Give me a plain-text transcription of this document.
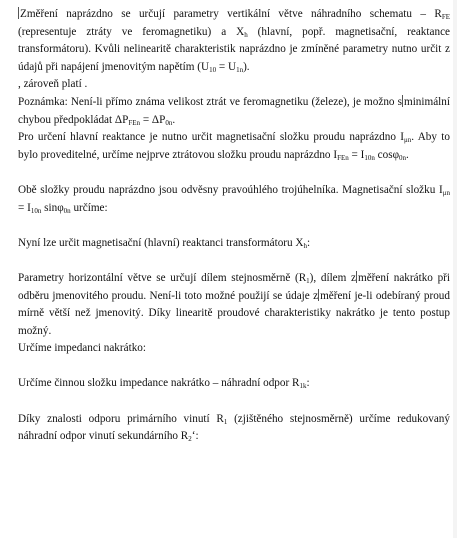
Změření naprázdno se určují parametry vertikální větve náhradního schematu – $R_{FE}$ (representuje ztráty ve feromagnetiku) a $X_h$ (hlavní, popř. magnetisační, reaktance transformátoru). Kvůli nelinearitě charakteristik naprázdno je zmíněné parametry nutno určit z údajů při napájení jmenovitým napětím $(U_{10} = U_{1n})$.

, zároveň platí .

Poznámka: Není-li přímo známa velikost ztrát ve feromagnetiku (železe), je možno s minimální chybou předpokládat $\Delta P_{FEn} = \Delta P_{0n}$.

Pro určení hlavní reaktance je nutno určit magnetisační složku proudu naprázdno $I_{\mu n}$. Aby to bylo proveditelné, určíme nejprve ztrátovou složku proudu naprázdno $I_{FEn} = I_{10n}$ cosφ$_{0n}$.

Obě složky proudu naprázdno jsou odvěsny pravoúhlého trojúhelníka. Magnetisační složku $I_{\mu n} = I_{10n}$ sinφ$_{0n}$ určíme:

Nyní lze určit magnetisační (hlavní) reaktanci transformátoru $X_h$:

Parametry horizontální větve se určují dílem stejnosměrně $(R_1)$, dílem z měření nakrátko při odběru jmenovitého proudu. Není-li toto možné použijí se údaje z měření je-li odebíraný proud mírně větší než jmenovitý. Díky linearitě proudové charakteristiky nakrátko je tento postup možný.

Určíme impedanci nakrátko:

Určíme činnou složku impedance nakrátko – náhradní odpor $R_{1k}$:

Díky znalosti odporu primárního vinutí $R_1$ (zjištěného stejnosměrně) určíme redukovaný náhradní odpor vinutí sekundárního $R_2‘$:
